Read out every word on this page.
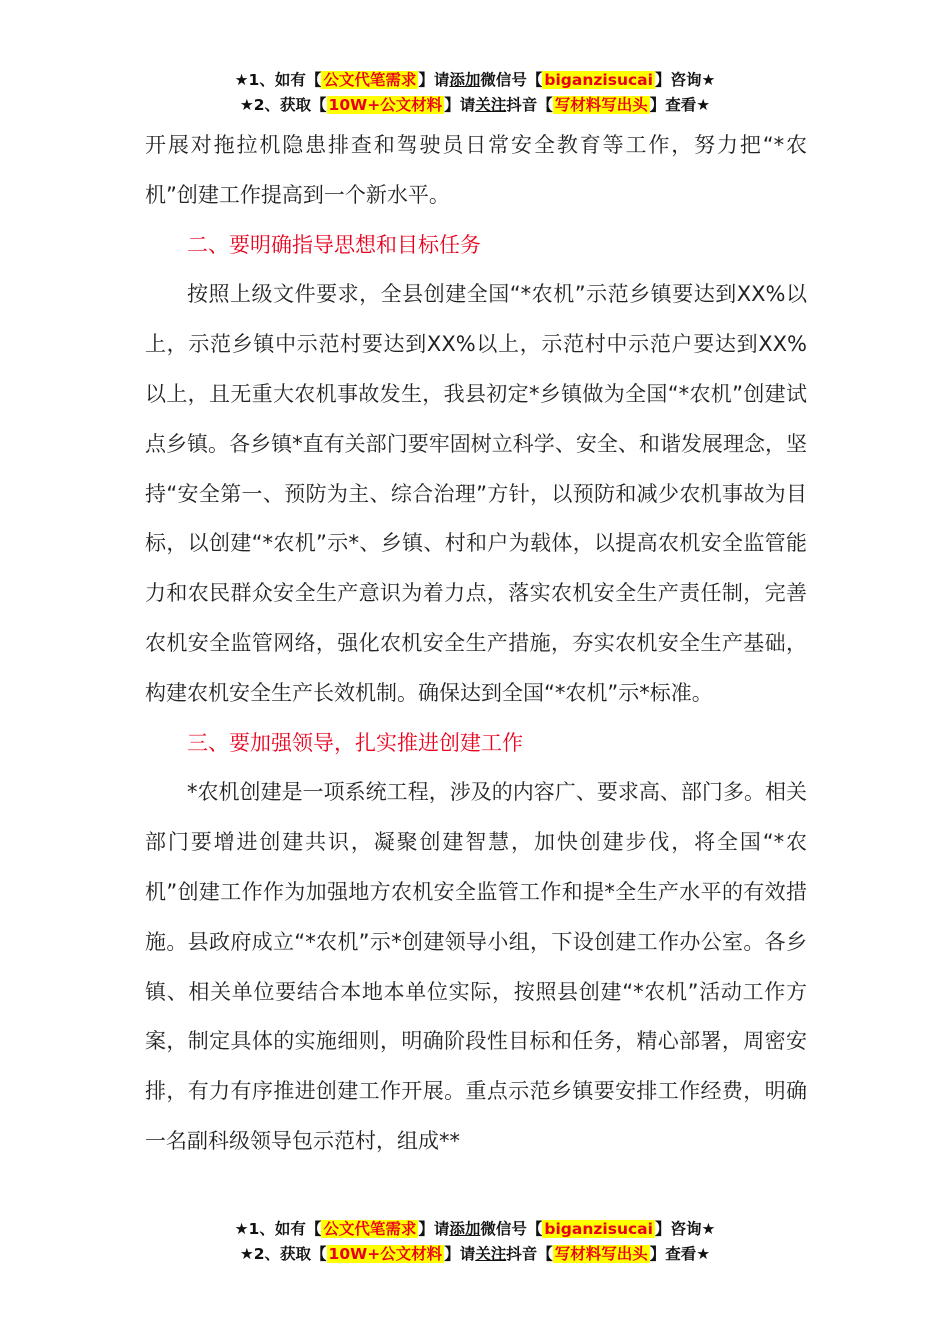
★1、如有【 公文代笔需求 】请添加微信号【 biganzisucai 】咨询★
★2、获取【 10W+公文材料 】请关注抖音【 写材料写出头 】查看★

开展对拖拉机隐患排查和驾驶员日常安全教育等工作，努力把“*农机”创建工作提高到一个新水平。

二、要明确指导思想和目标任务

按照上级文件要求，全县创建全国“*农机”示范乡镇要达到XX%以上，示范乡镇中示范村要达到XX%以上，示范村中示范户要达到XX%以上，且无重大农机事故发生，我县初定*乡镇做为全国“*农机”创建试点乡镇。各乡镇*直有关部门要牢固树立科学、安全、和谐发展理念，坚持“安全第一、预防为主、综合治理”方针，以预防和减少农机事故为目标，以创建“*农机”示*、乡镇、村和户为载体，以提高农机安全监管能力和农民群众安全生产意识为着力点，落实农机安全生产责任制，完善农机安全监管网络，强化农机安全生产措施，夯实农机安全生产基础，构建农机安全生产长效机制。确保达到全国“*农机”示*标准。

三、要加强领导，扎实推进创建工作

*农机创建是一项系统工程，涉及的内容广、要求高、部门多。相关部门要增进创建共识，凝聚创建智慧，加快创建步伐，将全国“*农机”创建工作作为加强地方农机安全监管工作和提*全生产水平的有效措施。县政府成立“*农机”示*创建领导小组，下设创建工作办公室。各乡镇、相关单位要结合本地本单位实际，按照县创建“*农机”活动工作方案，制定具体的实施细则，明确阶段性目标和任务，精心部署，周密安排，有力有序推进创建工作开展。重点示范乡镇要安排工作经费，明确一名副科级领导包示范村，组成**

★1、如有【 公文代笔需求 】请添加微信号【 biganzisucai 】咨询★
★2、获取【 10W+公文材料 】请关注抖音【 写材料写出头 】查看★
